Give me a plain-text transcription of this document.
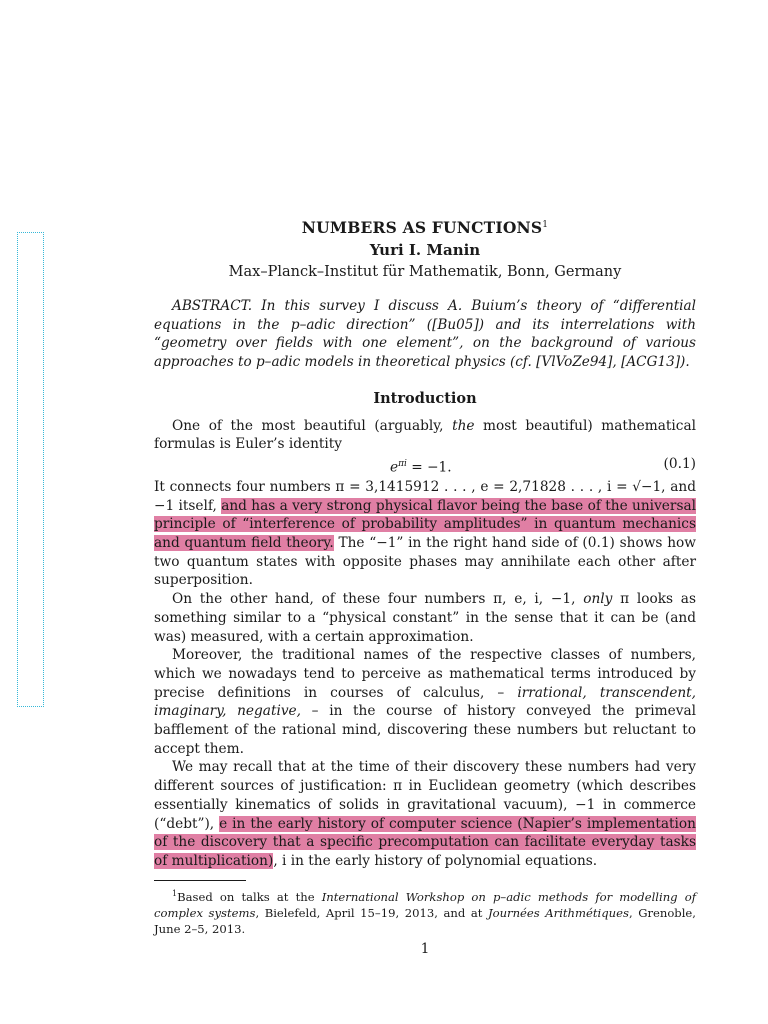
NUMBERS AS FUNCTIONS$^1$
Yuri I. Manin
Max–Planck–Institut für Mathematik, Bonn, Germany

ABSTRACT. In this survey I discuss A. Buium’s theory of “differential equations in the p–adic direction” ([Bu05]) and its interrelations with “geometry over fields with one element”, on the background of various approaches to p–adic models in theoretical physics (cf. [VlVoZe94], [ACG13]).

Introduction

One of the most beautiful (arguably, the most beautiful) mathematical formulas is Euler’s identity

$e^{\pi i} = -1$.	(0.1)

It connects four numbers π = 3,1415912 . . . , e = 2,71828 . . . , i = √−1, and −1 itself, and has a very strong physical flavor being the base of the universal principle of “interference of probability amplitudes” in quantum mechanics and quantum field theory. The “−1” in the right hand side of (0.1) shows how two quantum states with opposite phases may annihilate each other after superposition.

On the other hand, of these four numbers π, e, i, −1, only π looks as something similar to a “physical constant” in the sense that it can be (and was) measured, with a certain approximation.

Moreover, the traditional names of the respective classes of numbers, which we nowadays tend to perceive as mathematical terms introduced by precise definitions in courses of calculus, – irrational, transcendent, imaginary, negative, – in the course of history conveyed the primeval bafflement of the rational mind, discovering these numbers but reluctant to accept them.

We may recall that at the time of their discovery these numbers had very different sources of justification: π in Euclidean geometry (which describes essentially kinematics of solids in gravitational vacuum), −1 in commerce (“debt”), e in the early history of computer science (Napier’s implementation of the discovery that a specific precomputation can facilitate everyday tasks of multiplication), i in the early history of polynomial equations.

$^1$Based on talks at the International Workshop on p–adic methods for modelling of complex systems, Bielefeld, April 15–19, 2013, and at Journées Arithmétiques, Grenoble, June 2–5, 2013.

1
